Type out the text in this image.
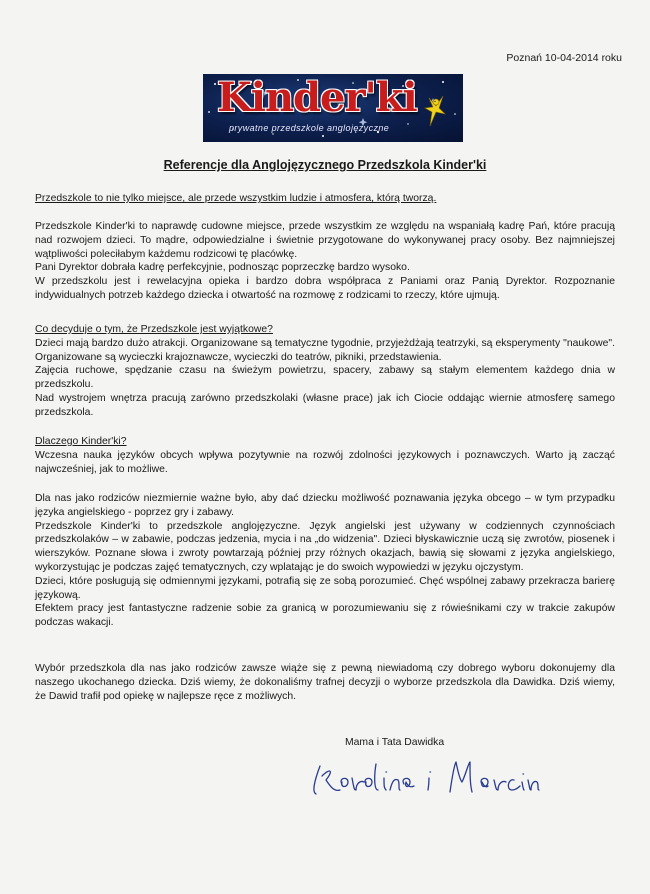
Poznań 10-04-2014 roku
Kinder'ki
prywatne przedszkole anglojęzyczne
Referencje dla Anglojęzycznego Przedszkola Kinder'ki

Przedszkole to nie tylko miejsce, ale przede wszystkim ludzie i atmosfera, którą tworzą.

Przedszkole Kinder'ki to naprawdę cudowne miejsce, przede wszystkim ze względu na wspaniałą kadrę Pań, które pracują nad rozwojem dzieci. To mądre, odpowiedzialne i świetnie przygotowane do wykonywanej pracy osoby. Bez najmniejszej wątpliwości poleciłabym każdemu rodzicowi tę placówkę.

Pani Dyrektor dobrała kadrę perfekcyjnie, podnosząc poprzeczkę bardzo wysoko.

W przedszkolu jest i rewelacyjna opieka i bardzo dobra współpraca z Paniami oraz Panią Dyrektor. Rozpoznanie indywidualnych potrzeb każdego dziecka i otwartość na rozmowę z rodzicami to rzeczy, które ujmują.

Co decyduje o tym, że Przedszkole jest wyjątkowe?

Dzieci mają bardzo dużo atrakcji. Organizowane są tematyczne tygodnie, przyjeżdżają teatrzyki, są eksperymenty "naukowe". Organizowane są wycieczki krajoznawcze, wycieczki do teatrów, pikniki, przedstawienia.

Zajęcia ruchowe, spędzanie czasu na świeżym powietrzu, spacery, zabawy są stałym elementem każdego dnia w przedszkolu.

Nad wystrojem wnętrza pracują zarówno przedszkolaki (własne prace) jak ich Ciocie oddając wiernie atmosferę samego przedszkola.

Dlaczego Kinder'ki?

Wczesna nauka języków obcych wpływa pozytywnie na rozwój zdolności językowych i poznawczych. Warto ją zacząć najwcześniej, jak to możliwe.

Dla nas jako rodziców niezmiernie ważne było, aby dać dziecku możliwość poznawania języka obcego – w tym przypadku języka angielskiego - poprzez gry i zabawy.

Przedszkole Kinder'ki to przedszkole anglojęzyczne. Język angielski jest używany w codziennych czynnościach przedszkolaków – w zabawie, podczas jedzenia, mycia i na „do widzenia". Dzieci błyskawicznie uczą się zwrotów, piosenek i wierszyków. Poznane słowa i zwroty powtarzają później przy różnych okazjach, bawią się słowami z języka angielskiego, wykorzystując je podczas zajęć tematycznych, czy wplatając je do swoich wypowiedzi w języku ojczystym.

Dzieci, które posługują się odmiennymi językami, potrafią się ze sobą porozumieć. Chęć wspólnej zabawy przekracza barierę językową.

Efektem pracy jest fantastyczne radzenie sobie za granicą w porozumiewaniu się z rówieśnikami czy w trakcie zakupów podczas wakacji.

Wybór przedszkola dla nas jako rodziców zawsze wiąże się z pewną niewiadomą czy dobrego wyboru dokonujemy dla naszego ukochanego dziecka. Dziś wiemy, że dokonaliśmy trafnej decyzji o wyborze przedszkola dla Dawidka. Dziś wiemy, że Dawid trafił pod opiekę w najlepsze ręce z możliwych.

Mama i Tata Dawidka
